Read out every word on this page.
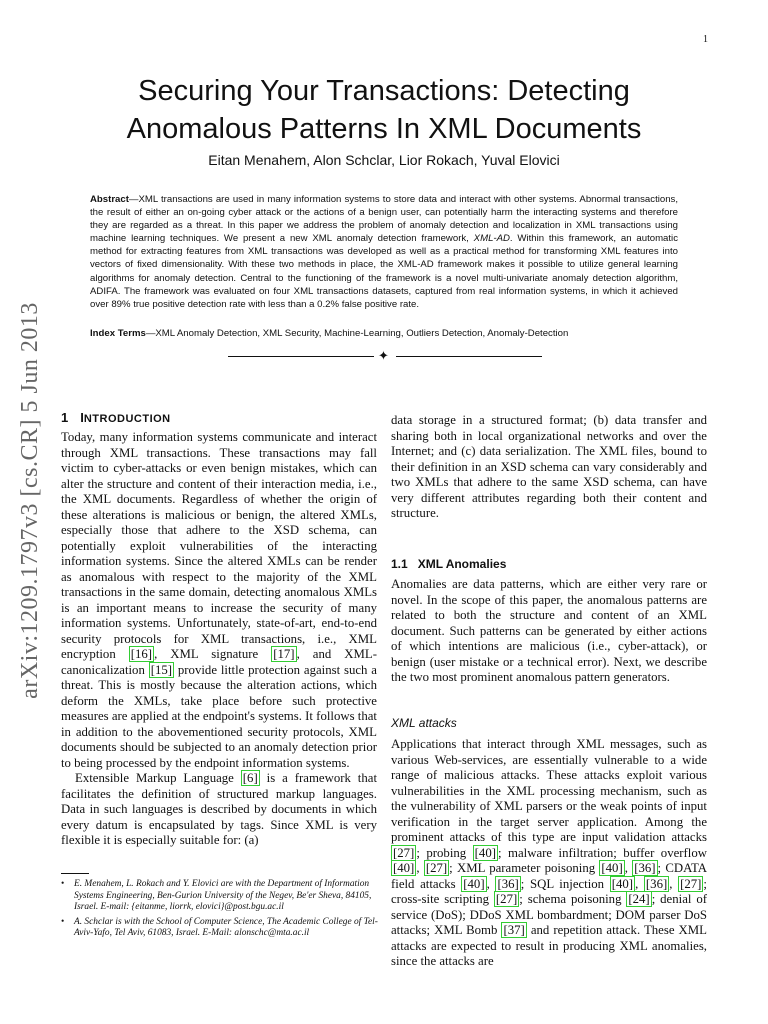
1
arXiv:1209.1797v3 [cs.CR] 5 Jun 2013
Securing Your Transactions: Detecting
Anomalous Patterns In XML Documents
Eitan Menahem, Alon Schclar, Lior Rokach, Yuval Elovici

Abstract—XML transactions are used in many information systems to store data and interact with other systems. Abnormal transactions, the result of either an on-going cyber attack or the actions of a benign user, can potentially harm the interacting systems and therefore they are regarded as a threat. In this paper we address the problem of anomaly detection and localization in XML transactions using machine learning techniques. We present a new XML anomaly detection framework, XML-AD. Within this framework, an automatic method for extracting features from XML transactions was developed as well as a practical method for transforming XML features into vectors of fixed dimensionality. With these two methods in place, the XML-AD framework makes it possible to utilize general learning algorithms for anomaly detection. Central to the functioning of the framework is a novel multi-univariate anomaly detection algorithm, ADIFA. The framework was evaluated on four XML transactions datasets, captured from real information systems, in which it achieved over 89% true positive detection rate with less than a 0.2% false positive rate.

Index Terms—XML Anomaly Detection, XML Security, Machine-Learning, Outliers Detection, Anomaly-Detection

✦
1 INTRODUCTION

Today, many information systems communicate and interact through XML transactions. These transactions may fall victim to cyber-attacks or even benign mistakes, which can alter the structure and content of their interaction media, i.e., the XML documents. Regardless of whether the origin of these alterations is malicious or benign, the altered XMLs, especially those that adhere to the XSD schema, can potentially exploit vulnerabilities of the interacting information systems. Since the altered XMLs can be render as anomalous with respect to the majority of the XML transactions in the same domain, detecting anomalous XMLs is an important means to increase the security of many information systems. Unfortunately, state-of-art, end-to-end security protocols for XML transactions, i.e., XML encryption [16] , XML signature [17] , and XML-canonicalization [15] provide little protection against such a threat. This is mostly because the alteration actions, which deform the XMLs, take place before such protective measures are applied at the endpoint's systems. It follows that in addition to the abovementioned security protocols, XML documents should be subjected to an anomaly detection prior to being processed by the endpoint information systems.

Extensible Markup Language [6] is a framework that facilitates the definition of structured markup languages. Data in such languages is described by documents in which every datum is encapsulated by tags. Since XML is very flexible it is especially suitable for: (a)

• E. Menahem, L. Rokach and Y. Elovici are with the Department of Information Systems Engineering, Ben-Gurion University of the Negev, Be'er Sheva, 84105, Israel. E-mail: {eitanme, liorrk, elovici}@post.bgu.ac.il
• A. Schclar is with the School of Computer Science, The Academic College of Tel-Aviv-Yafo, Tel Aviv, 61083, Israel. E-Mail: alonschc@mta.ac.il

data storage in a structured format; (b) data transfer and sharing both in local organizational networks and over the Internet; and (c) data serialization. The XML files, bound to their definition in an XSD schema can vary considerably and two XMLs that adhere to the same XSD schema, can have very different attributes regarding both their content and structure.

1.1 XML Anomalies

Anomalies are data patterns, which are either very rare or novel. In the scope of this paper, the anomalous patterns are related to both the structure and content of an XML document. Such patterns can be generated by either actions of which intentions are malicious (i.e., cyber-attack), or benign (user mistake or a technical error). Next, we describe the two most prominent anomalous pattern generators.

XML attacks

Applications that interact through XML messages, such as various Web-services, are essentially vulnerable to a wide range of malicious attacks. These attacks exploit various vulnerabilities in the XML processing mechanism, such as the vulnerability of XML parsers or the weak points of input verification in the target server application. Among the prominent attacks of this type are input validation attacks [27] ; probing [40] ; malware infiltration; buffer overflow [40] , [27] ; XML parameter poisoning [40] , [36] ; CDATA field attacks [40] , [36] ; SQL injection [40] , [36] , [27] ; cross-site scripting [27] ; schema poisoning [24] ; denial of service (DoS); DDoS XML bombardment; DOM parser DoS attacks; XML Bomb [37] and repetition attack. These XML attacks are expected to result in producing XML anomalies, since the attacks are
